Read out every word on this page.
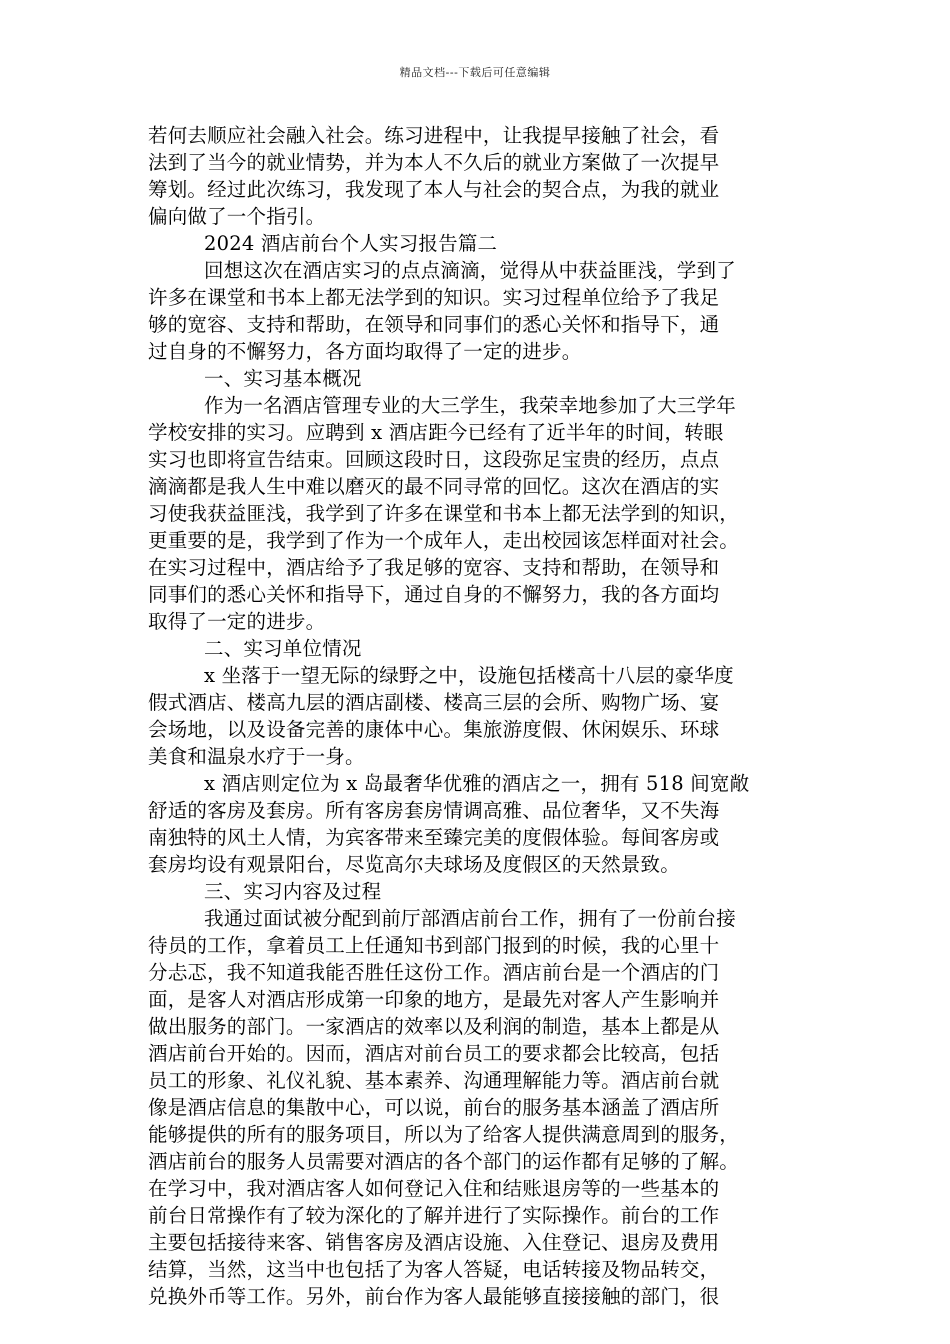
精品文档---下载后可任意编辑
若何去顺应社会融入社会。练习进程中，让我提早接触了社会，看
法到了当今的就业情势，并为本人不久后的就业方案做了一次提早
筹划。经过此次练习，我发现了本人与社会的契合点，为我的就业
偏向做了一个指引。
2024 酒店前台个人实习报告篇二
回想这次在酒店实习的点点滴滴，觉得从中获益匪浅，学到了
许多在课堂和书本上都无法学到的知识。实习过程单位给予了我足
够的宽容、支持和帮助，在领导和同事们的悉心关怀和指导下，通
过自身的不懈努力，各方面均取得了一定的进步。
一、实习基本概况
作为一名酒店管理专业的大三学生，我荣幸地参加了大三学年
学校安排的实习。应聘到 x 酒店距今已经有了近半年的时间，转眼
实习也即将宣告结束。回顾这段时日，这段弥足宝贵的经历，点点
滴滴都是我人生中难以磨灭的最不同寻常的回忆。这次在酒店的实
习使我获益匪浅，我学到了许多在课堂和书本上都无法学到的知识，
更重要的是，我学到了作为一个成年人，走出校园该怎样面对社会。
在实习过程中，酒店给予了我足够的宽容、支持和帮助，在领导和
同事们的悉心关怀和指导下，通过自身的不懈努力，我的各方面均
取得了一定的进步。
二、实习单位情况
x 坐落于一望无际的绿野之中，设施包括楼高十八层的豪华度
假式酒店、楼高九层的酒店副楼、楼高三层的会所、购物广场、宴
会场地，以及设备完善的康体中心。集旅游度假、休闲娱乐、环球
美食和温泉水疗于一身。
x 酒店则定位为 x 岛最奢华优雅的酒店之一，拥有 518 间宽敞
舒适的客房及套房。所有客房套房情调高雅、品位奢华，又不失海
南独特的风土人情，为宾客带来至臻完美的度假体验。每间客房或
套房均设有观景阳台，尽览高尔夫球场及度假区的天然景致。
三、实习内容及过程
我通过面试被分配到前厅部酒店前台工作，拥有了一份前台接
待员的工作，拿着员工上任通知书到部门报到的时候，我的心里十
分忐忑，我不知道我能否胜任这份工作。酒店前台是一个酒店的门
面，是客人对酒店形成第一印象的地方，是最先对客人产生影响并
做出服务的部门。一家酒店的效率以及利润的制造，基本上都是从
酒店前台开始的。因而，酒店对前台员工的要求都会比较高，包括
员工的形象、礼仪礼貌、基本素养、沟通理解能力等。酒店前台就
像是酒店信息的集散中心，可以说，前台的服务基本涵盖了酒店所
能够提供的所有的服务项目，所以为了给客人提供满意周到的服务，
酒店前台的服务人员需要对酒店的各个部门的运作都有足够的了解。
在学习中，我对酒店客人如何登记入住和结账退房等的一些基本的
前台日常操作有了较为深化的了解并进行了实际操作。前台的工作
主要包括接待来客、销售客房及酒店设施、入住登记、退房及费用
结算，当然，这当中也包括了为客人答疑，电话转接及物品转交，
兑换外币等工作。另外，前台作为客人最能够直接接触的部门，很
